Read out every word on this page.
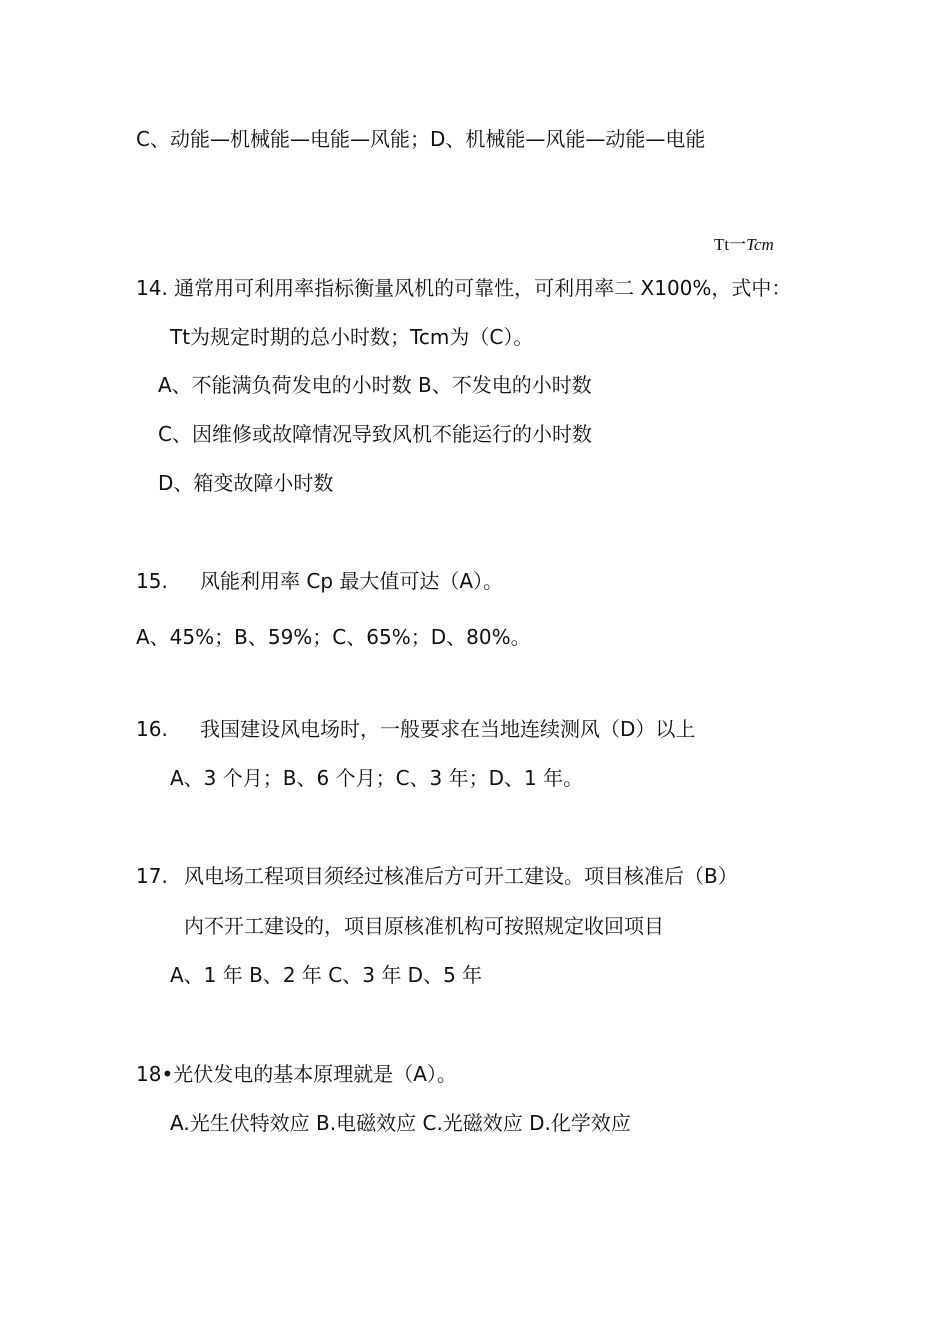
C、动能—机械能—电能—风能；D、机械能—风能—动能—电能
Tt一Tcm
14. 通常用可利用率指标衡量风机的可靠性，可利用率二 X100%，式中：
Tt为规定时期的总小时数；Tcm为（C）。
A、不能满负荷发电的小时数 B、不发电的小时数
C、因维修或故障情况导致风机不能运行的小时数
D、箱变故障小时数
15. 风能利用率 Cp 最大值可达（A）。
A、45%；B、59%；C、65%；D、80%。
16. 我国建设风电场时，一般要求在当地连续测风（D）以上
A、3 个月；B、6 个月；C、3 年；D、1 年。
17. 风电场工程项目须经过核准后方可开工建设。项目核准后（B）
内不开工建设的，项目原核准机构可按照规定收回项目
A、1 年 B、2 年 C、3 年 D、5 年
18•光伏发电的基本原理就是（A）。
A.光生伏特效应 B.电磁效应 C.光磁效应 D.化学效应
